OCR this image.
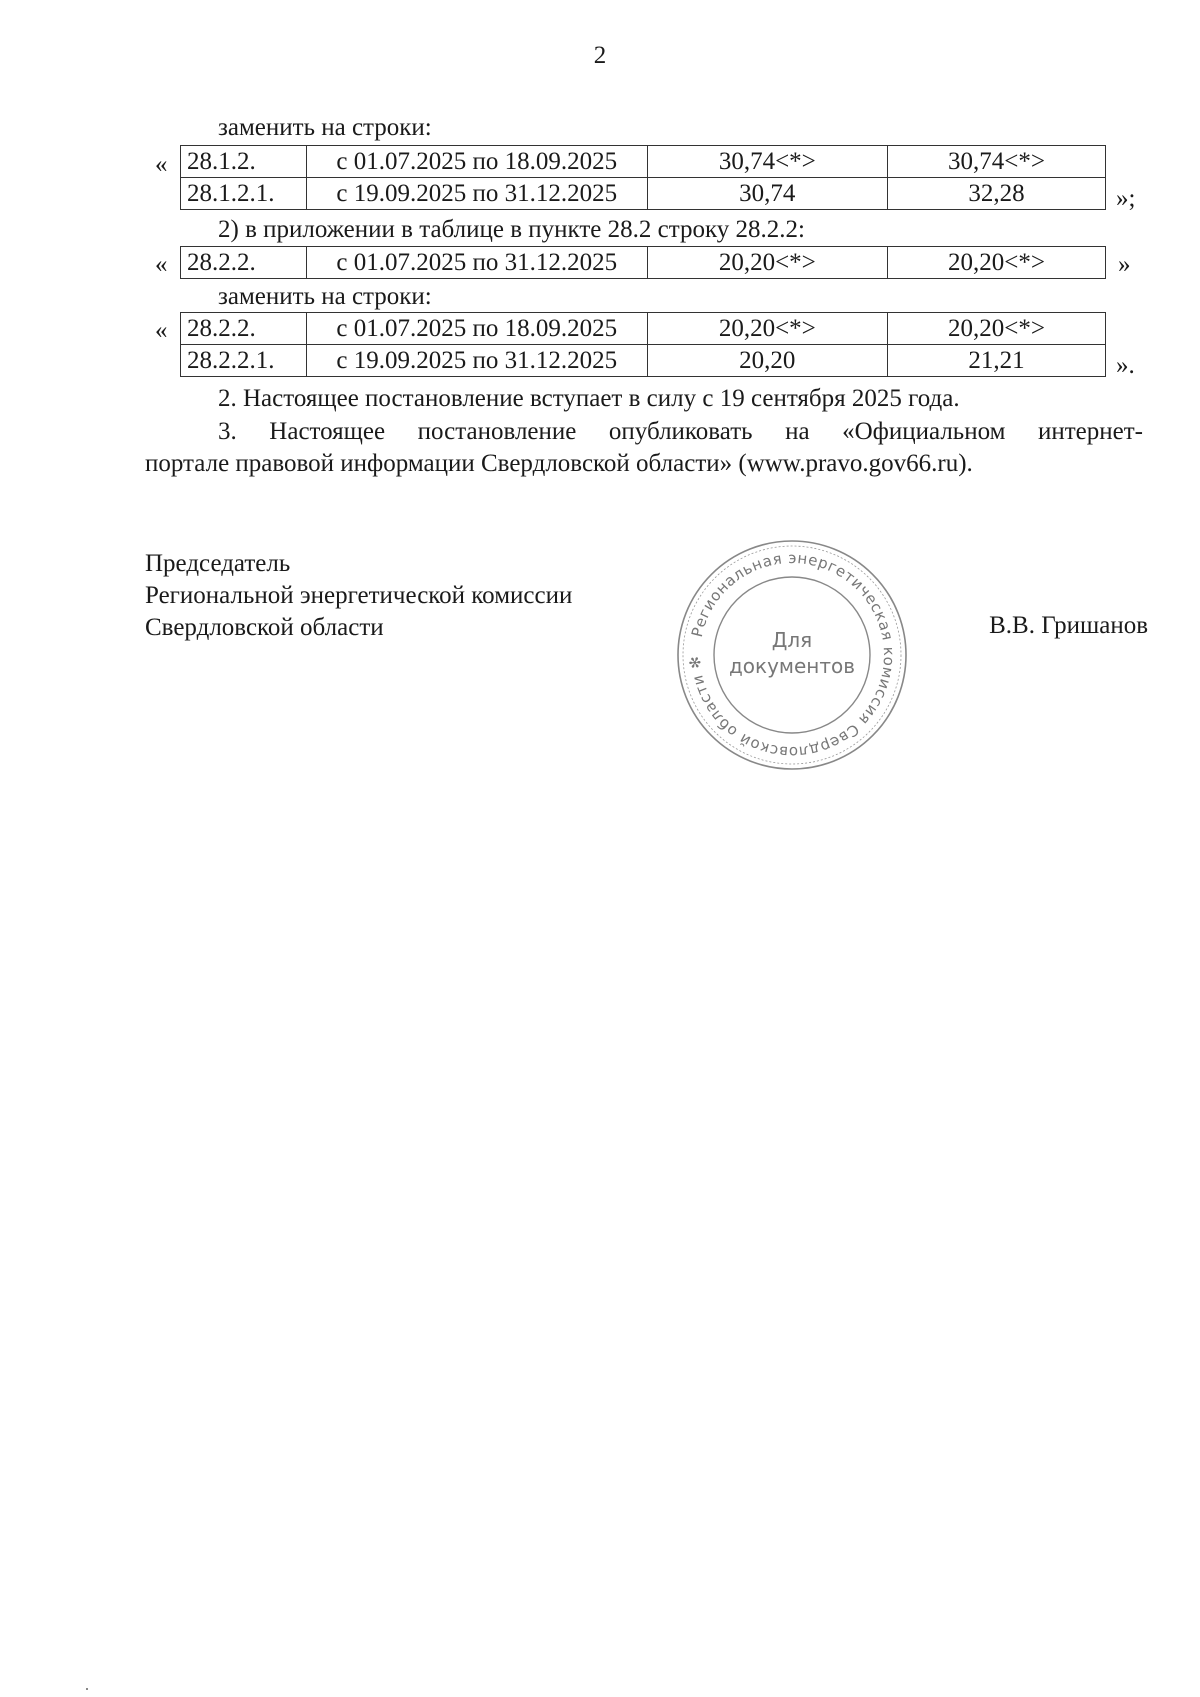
2
заменить на строки:
« 28.1.2.	с 01.07.2025 по 18.09.2025	30,74<*>	30,74<*>
28.1.2.1.	с 19.09.2025 по 31.12.2025	30,74	32,28	»;
2) в приложении в таблице в пункте 28.2 строку 28.2.2:
« 28.2.2.	с 01.07.2025 по 31.12.2025	20,20<*>	20,20<*>	»
заменить на строки:
« 28.2.2.	с 01.07.2025 по 18.09.2025	20,20<*>	20,20<*>
28.2.2.1.	с 19.09.2025 по 31.12.2025	20,20	21,21	».
2. Настоящее постановление вступает в силу с 19 сентября 2025 года.
3. Настоящее постановление опубликовать на «Официальном интернет-
портале правовой информации Свердловской области» (www.pravo.gov66.ru).
Председатель
Региональной энергетической комиссии
Свердловской области	В.В. Гришанов
Региональная энергетическая комиссия Свердловской области ✻
Для
документов
